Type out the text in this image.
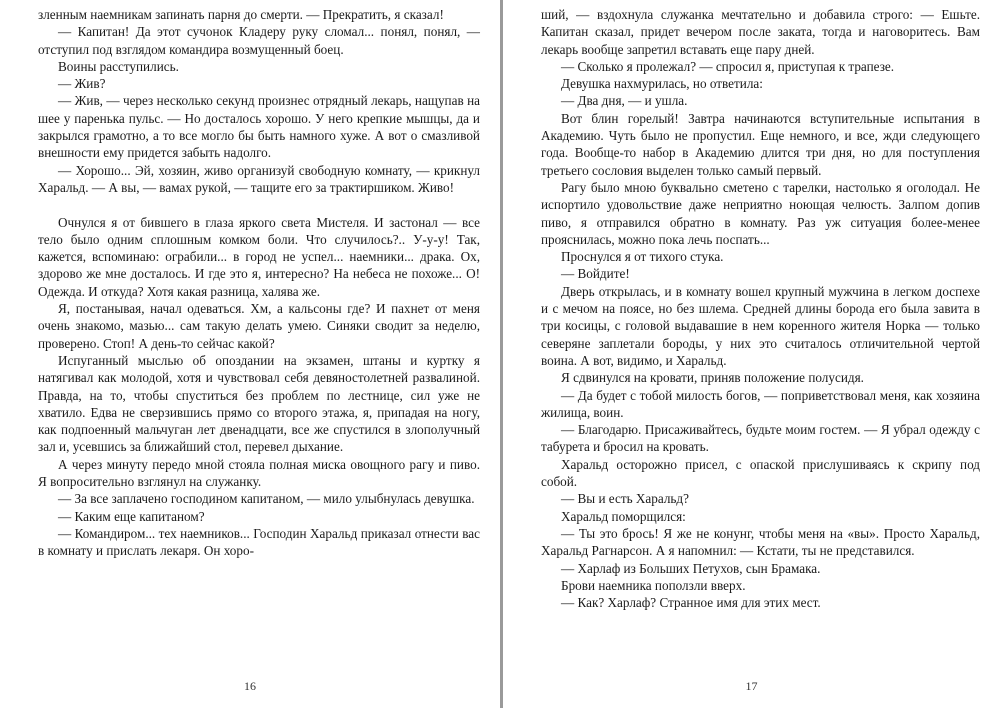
зленным наемникам запинать парня до смерти. — Прекратить, я сказал!

— Капитан! Да этот сучонок Кладеру руку сломал... понял, понял, — отступил под взглядом командира возмущенный боец.

Воины расступились.

— Жив?

— Жив, — через несколько секунд произнес отрядный лекарь, нащупав на шее у паренька пульс. — Но досталось хорошо. У него крепкие мышцы, да и закрылся грамотно, а то все могло бы быть намного хуже. А вот о смазливой внешности ему придется забыть надолго.

— Хорошо... Эй, хозяин, живо организуй свободную комнату, — крикнул Харальд. — А вы, — вамах рукой, — тащите его за трактиршиком. Живо!

Очнулся я от бившего в глаза яркого света Мистеля. И застонал — все тело было одним сплошным комком боли. Что случилось?.. У-у-у! Так, кажется, вспоминаю: ограбили... в город не успел... наемники... драка. Ох, здорово же мне досталось. И где это я, интересно? На небеса не похоже... О! Одежда. И откуда? Хотя какая разница, халява же.

Я, постанывая, начал одеваться. Хм, а кальсоны где? И пахнет от меня очень знакомо, мазью... сам такую делать умею. Синяки сводит за неделю, проверено. Стоп! А день-то сейчас какой?

Испуганный мыслью об опоздании на экзамен, штаны и куртку я натягивал как молодой, хотя и чувствовал себя девяностолетней развалиной. Правда, на то, чтобы спуститься без проблем по лестнице, сил уже не хватило. Едва не сверзившись прямо со второго этажа, я, припадая на ногу, как подпоенный мальчуган лет двенадцати, все же спустился в злополучный зал и, усевшись за ближайший стол, перевел дыхание.

А через минуту передо мной стояла полная миска овощного рагу и пиво. Я вопросительно взглянул на служанку.

— За все заплачено господином капитаном, — мило улыбнулась девушка.

— Каким еще капитаном?

— Командиром... тех наемников... Господин Харальд приказал отнести вас в комнату и прислать лекаря. Он хоро-

16

ший, — вздохнула служанка мечтательно и добавила строго: — Ешьте. Капитан сказал, придет вечером после заката, тогда и наговоритесь. Вам лекарь вообще запретил вставать еще пару дней.

— Сколько я пролежал? — спросил я, приступая к трапезе.

Девушка нахмурилась, но ответила:

— Два дня, — и ушла.

Вот блин горелый! Завтра начинаются вступительные испытания в Академию. Чуть было не пропустил. Еще немного, и все, жди следующего года. Вообще-то набор в Академию длится три дня, но для поступления третьего сословия выделен только самый первый.

Рагу было мною буквально сметено с тарелки, настолько я оголодал. Не испортило удовольствие даже неприятно ноющая челюсть. Залпом допив пиво, я отправился обратно в комнату. Раз уж ситуация более-менее прояснилась, можно пока лечь поспать...

Проснулся я от тихого стука.

— Войдите!

Дверь открылась, и в комнату вошел крупный мужчина в легком доспехе и с мечом на поясе, но без шлема. Средней длины борода его была завита в три косицы, с головой выдавашие в нем коренного жителя Норка — только северяне заплетали бороды, у них это считалось отличительной чертой воина. А вот, видимо, и Харальд.

Я сдвинулся на кровати, приняв положение полусидя.

— Да будет с тобой милость богов, — поприветствовал меня, как хозяина жилища, воин.

— Благодарю. Присаживайтесь, будьте моим гостем. — Я убрал одежду с табурета и бросил на кровать.

Харальд осторожно присел, с опаской прислушиваясь к скрипу под собой.

— Вы и есть Харальд?

Харальд поморщился:

— Ты это брось! Я же не конунг, чтобы меня на «вы». Просто Харальд, Харальд Рагнарсон. А я напомнил: — Кстати, ты не представился.

— Харлаф из Больших Петухов, сын Брамака.

Брови наемника поползли вверх.

— Как? Харлаф? Странное имя для этих мест.

17
